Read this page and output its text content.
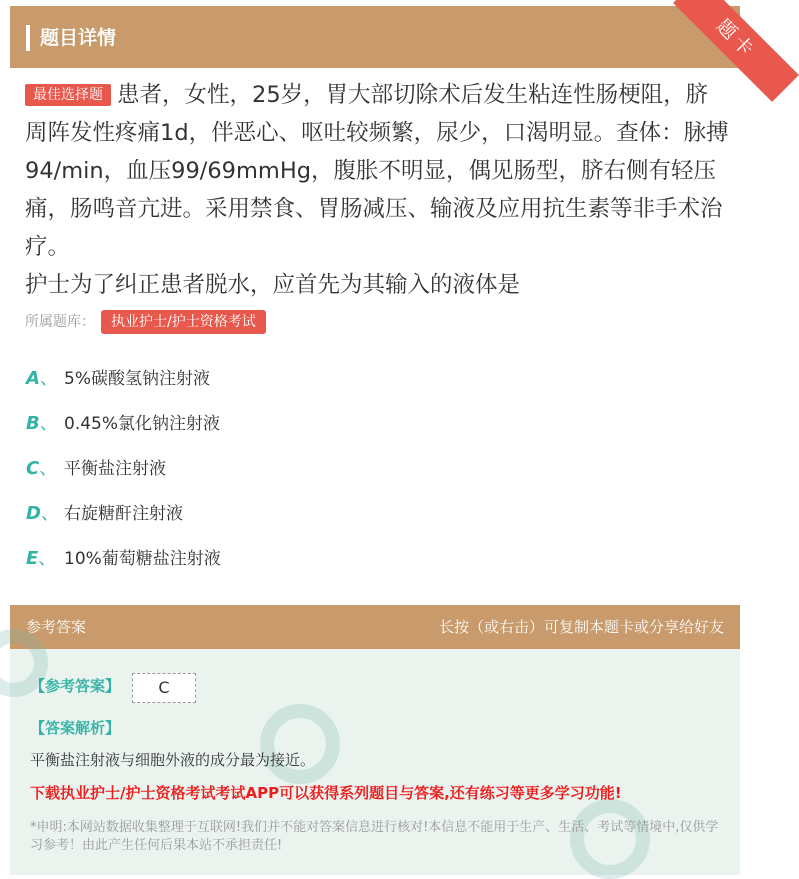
题目详情	题卡
最佳选择题 患者，女性，25岁，胃大部切除术后发生粘连性肠梗阻，脐周阵发性疼痛1d，伴恶心、呕吐较频繁，尿少，口渴明显。查体：脉搏94/min，血压99/69mmHg，腹胀不明显，偶见肠型，脐右侧有轻压痛，肠鸣音亢进。采用禁食、胃肠减压、输液及应用抗生素等非手术治疗。
护士为了纠正患者脱水，应首先为其输入的液体是
所属题库： 执业护士/护士资格考试
A、 5%碳酸氢钠注射液
B、 0.45%氯化钠注射液
C、 平衡盐注射液
D、 右旋糖酐注射液
E、 10%葡萄糖盐注射液
参考答案	长按（或右击）可复制本题卡或分享给好友
【参考答案】	C
【答案解析】
平衡盐注射液与细胞外液的成分最为接近。
下载执业护士/护士资格考试考试APP可以获得系列题目与答案,还有练习等更多学习功能!
*申明:本网站数据收集整理于互联网!我们并不能对答案信息进行核对!本信息不能用于生产、生活、考试等情境中,仅供学习参考！由此产生任何后果本站不承担责任!
